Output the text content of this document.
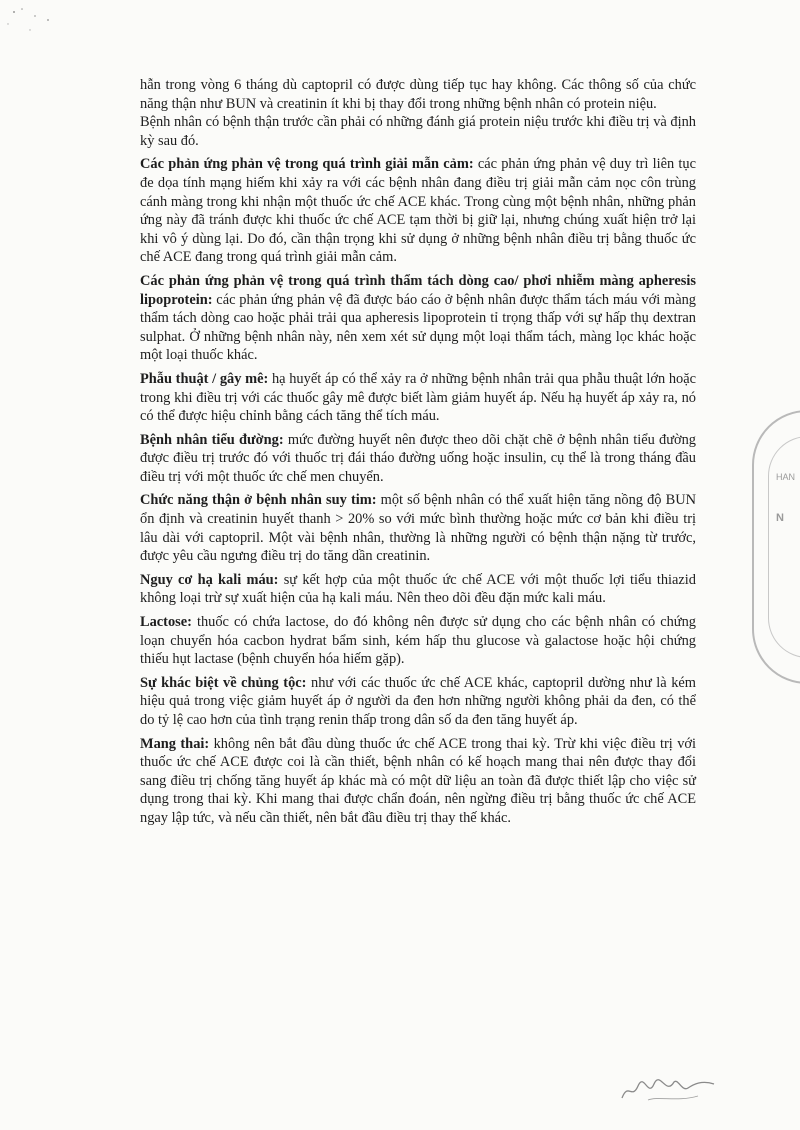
hẫn trong vòng 6 tháng dù captopril có được dùng tiếp tục hay không. Các thông số của chức năng thận như BUN và creatinin ít khi bị thay đổi trong những bệnh nhân có protein niệu.

Bệnh nhân có bệnh thận trước cần phải có những đánh giá protein niệu trước khi điều trị và định kỳ sau đó.

Các phản ứng phản vệ trong quá trình giải mẫn cảm: các phản ứng phản vệ duy trì liên tục đe dọa tính mạng hiếm khi xảy ra với các bệnh nhân đang điều trị giải mẫn cảm nọc côn trùng cánh màng trong khi nhận một thuốc ức chế ACE khác. Trong cùng một bệnh nhân, những phản ứng này đã tránh được khi thuốc ức chế ACE tạm thời bị giữ lại, nhưng chúng xuất hiện trở lại khi vô ý dùng lại. Do đó, cần thận trọng khi sử dụng ở những bệnh nhân điều trị bằng thuốc ức chế ACE đang trong quá trình giải mẫn cảm.

Các phản ứng phản vệ trong quá trình thẩm tách dòng cao/ phơi nhiễm màng apheresis lipoprotein: các phản ứng phản vệ đã được báo cáo ở bệnh nhân được thẩm tách máu với màng thẩm tách dòng cao hoặc phải trải qua apheresis lipoprotein tỉ trọng thấp với sự hấp thụ dextran sulphat. Ở những bệnh nhân này, nên xem xét sử dụng một loại thẩm tách, màng lọc khác hoặc một loại thuốc khác.

Phẫu thuật / gây mê: hạ huyết áp có thể xảy ra ở những bệnh nhân trải qua phẫu thuật lớn hoặc trong khi điều trị với các thuốc gây mê được biết làm giảm huyết áp. Nếu hạ huyết áp xảy ra, nó có thể được hiệu chỉnh bằng cách tăng thể tích máu.

Bệnh nhân tiểu đường: mức đường huyết nên được theo dõi chặt chẽ ở bệnh nhân tiểu đường được điều trị trước đó với thuốc trị đái tháo đường uống hoặc insulin, cụ thể là trong tháng đầu điều trị với một thuốc ức chế men chuyển.

Chức năng thận ở bệnh nhân suy tim: một số bệnh nhân có thể xuất hiện tăng nồng độ BUN ổn định và creatinin huyết thanh > 20% so với mức bình thường hoặc mức cơ bản khi điều trị lâu dài với captopril. Một vài bệnh nhân, thường là những người có bệnh thận nặng từ trước, được yêu cầu ngưng điều trị do tăng dần creatinin.

Nguy cơ hạ kali máu: sự kết hợp của một thuốc ức chế ACE với một thuốc lợi tiểu thiazid không loại trừ sự xuất hiện của hạ kali máu. Nên theo dõi đều đặn mức kali máu.

Lactose: thuốc có chứa lactose, do đó không nên được sử dụng cho các bệnh nhân có chứng loạn chuyển hóa cacbon hydrat bẩm sinh, kém hấp thu glucose và galactose hoặc hội chứng thiếu hụt lactase (bệnh chuyển hóa hiếm gặp).

Sự khác biệt về chủng tộc: như với các thuốc ức chế ACE khác, captopril dường như là kém hiệu quả trong việc giảm huyết áp ở người da đen hơn những người không phải da đen, có thể do tỷ lệ cao hơn của tình trạng renin thấp trong dân số da đen tăng huyết áp.

Mang thai: không nên bắt đầu dùng thuốc ức chế ACE trong thai kỳ. Trừ khi việc điều trị với thuốc ức chế ACE được coi là cần thiết, bệnh nhân có kế hoạch mang thai nên được thay đổi sang điều trị chống tăng huyết áp khác mà có một dữ liệu an toàn đã được thiết lập cho việc sử dụng trong thai kỳ. Khi mang thai được chẩn đoán, nên ngừng điều trị bằng thuốc ức chế ACE ngay lập tức, và nếu cần thiết, nên bắt đầu điều trị thay thế khác.

HAN
N
